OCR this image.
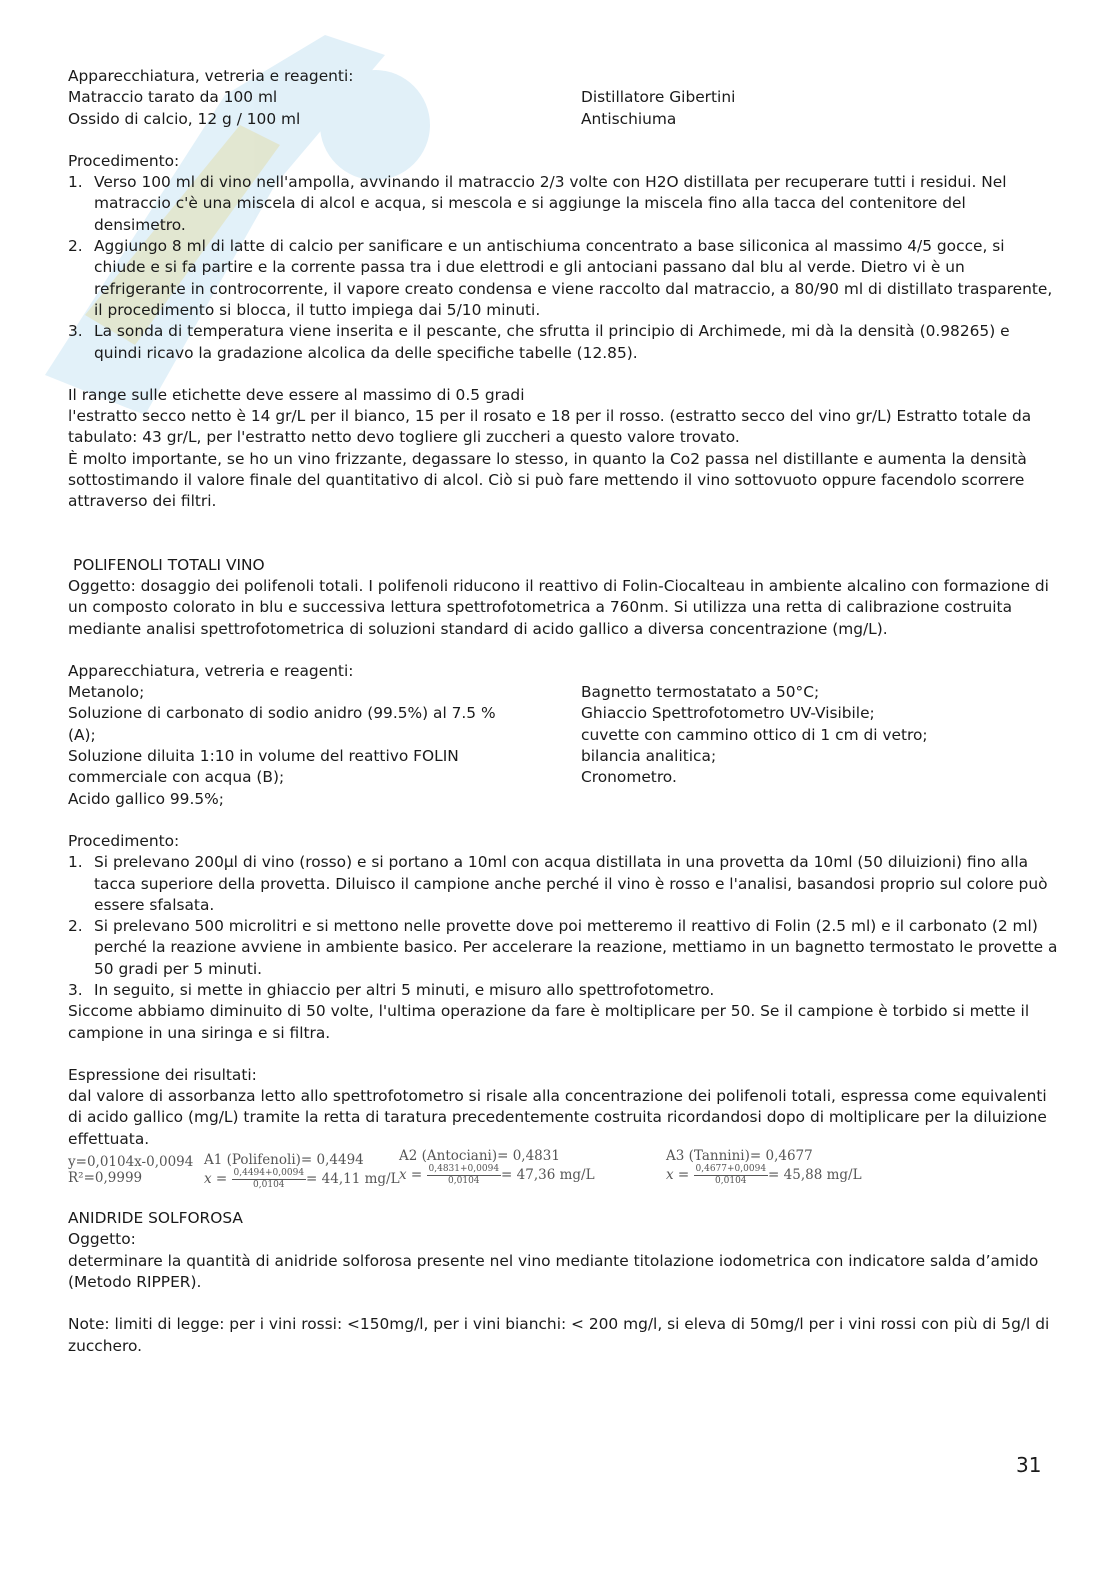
Apparecchiatura, vetreria e reagenti:

Matraccio tarato da 100 ml

Ossido di calcio, 12 g / 100 ml

Distillatore Gibertini

Antischiuma

Procedimento:

1. Verso 100 ml di vino nell'ampolla, avvinando il matraccio 2/3 volte con H2O distillata per recuperare tutti i residui. Nel matraccio c'è una miscela di alcol e acqua, si mescola e si aggiunge la miscela fino alla tacca del contenitore del densimetro.
2. Aggiungo 8 ml di latte di calcio per sanificare e un antischiuma concentrato a base siliconica al massimo 4/5 gocce, si chiude e si fa partire e la corrente passa tra i due elettrodi e gli antociani passano dal blu al verde. Dietro vi è un refrigerante in controcorrente, il vapore creato condensa e viene raccolto dal matraccio, a 80/90 ml di distillato trasparente, il procedimento si blocca, il tutto impiega dai 5/10 minuti.
3. La sonda di temperatura viene inserita e il pescante, che sfrutta il principio di Archimede, mi dà la densità (0.98265) e quindi ricavo la gradazione alcolica da delle specifiche tabelle (12.85).

Il range sulle etichette deve essere al massimo di 0.5 gradi

l'estratto secco netto è 14 gr/L per il bianco, 15 per il rosato e 18 per il rosso. (estratto secco del vino gr/L) Estratto totale da tabulato: 43 gr/L, per l'estratto netto devo togliere gli zuccheri a questo valore trovato.

È molto importante, se ho un vino frizzante, degassare lo stesso, in quanto la Co2 passa nel distillante e aumenta la densità sottostimando il valore finale del quantitativo di alcol. Ciò si può fare mettendo il vino sottovuoto oppure facendolo scorrere attraverso dei filtri.

POLIFENOLI TOTALI VINO

Oggetto: dosaggio dei polifenoli totali. I polifenoli riducono il reattivo di Folin-Ciocalteau in ambiente alcalino con formazione di un composto colorato in blu e successiva lettura spettrofotometrica a 760nm. Si utilizza una retta di calibrazione costruita mediante analisi spettrofotometrica di soluzioni standard di acido gallico a diversa concentrazione (mg/L).

Apparecchiatura, vetreria e reagenti:

Metanolo;

Soluzione di carbonato di sodio anidro (99.5%) al 7.5 % (A);

Soluzione diluita 1:10 in volume del reattivo FOLIN commerciale con acqua (B);

Acido gallico 99.5%;

Bagnetto termostatato a 50°C;

Ghiaccio Spettrofotometro UV-Visibile;

cuvette con cammino ottico di 1 cm di vetro;

bilancia analitica;

Cronometro.

Procedimento:

1. Si prelevano 200µl di vino (rosso) e si portano a 10ml con acqua distillata in una provetta da 10ml (50 diluizioni) fino alla tacca superiore della provetta. Diluisco il campione anche perché il vino è rosso e l'analisi, basandosi proprio sul colore può essere sfalsata.
2. Si prelevano 500 microlitri e si mettono nelle provette dove poi metteremo il reattivo di Folin (2.5 ml) e il carbonato (2 ml) perché la reazione avviene in ambiente basico. Per accelerare la reazione, mettiamo in un bagnetto termostato le provette a 50 gradi per 5 minuti.
3. In seguito, si mette in ghiaccio per altri 5 minuti, e misuro allo spettrofotometro.

Siccome abbiamo diminuito di 50 volte, l'ultima operazione da fare è moltiplicare per 50. Se il campione è torbido si mette il campione in una siringa e si filtra.

Espressione dei risultati:

dal valore di assorbanza letto allo spettrofotometro si risale alla concentrazione dei polifenoli totali, espressa come equivalenti di acido gallico (mg/L) tramite la retta di taratura precedentemente costruita ricordandosi dopo di moltiplicare per la diluizione effettuata.

y=0,0104x-0,0094
R²=0,9999
A1 (Polifenoli)= 0,4494
$x = \frac{0,4494+0,0094}{0,0104} = 44,11$ mg/L
A2 (Antociani)= 0,4831
$x = \frac{0,4831+0,0094}{0,0104} = 47,36$ mg/L
A3 (Tannini)= 0,4677
$x = \frac{0,4677+0,0094}{0,0104} = 45,88$ mg/L

ANIDRIDE SOLFOROSA

Oggetto:

determinare la quantità di anidride solforosa presente nel vino mediante titolazione iodometrica con indicatore salda d’amido (Metodo RIPPER).

Note: limiti di legge: per i vini rossi: <150mg/l, per i vini bianchi: < 200 mg/l, si eleva di 50mg/l per i vini rossi con più di 5g/l di zucchero.

31
